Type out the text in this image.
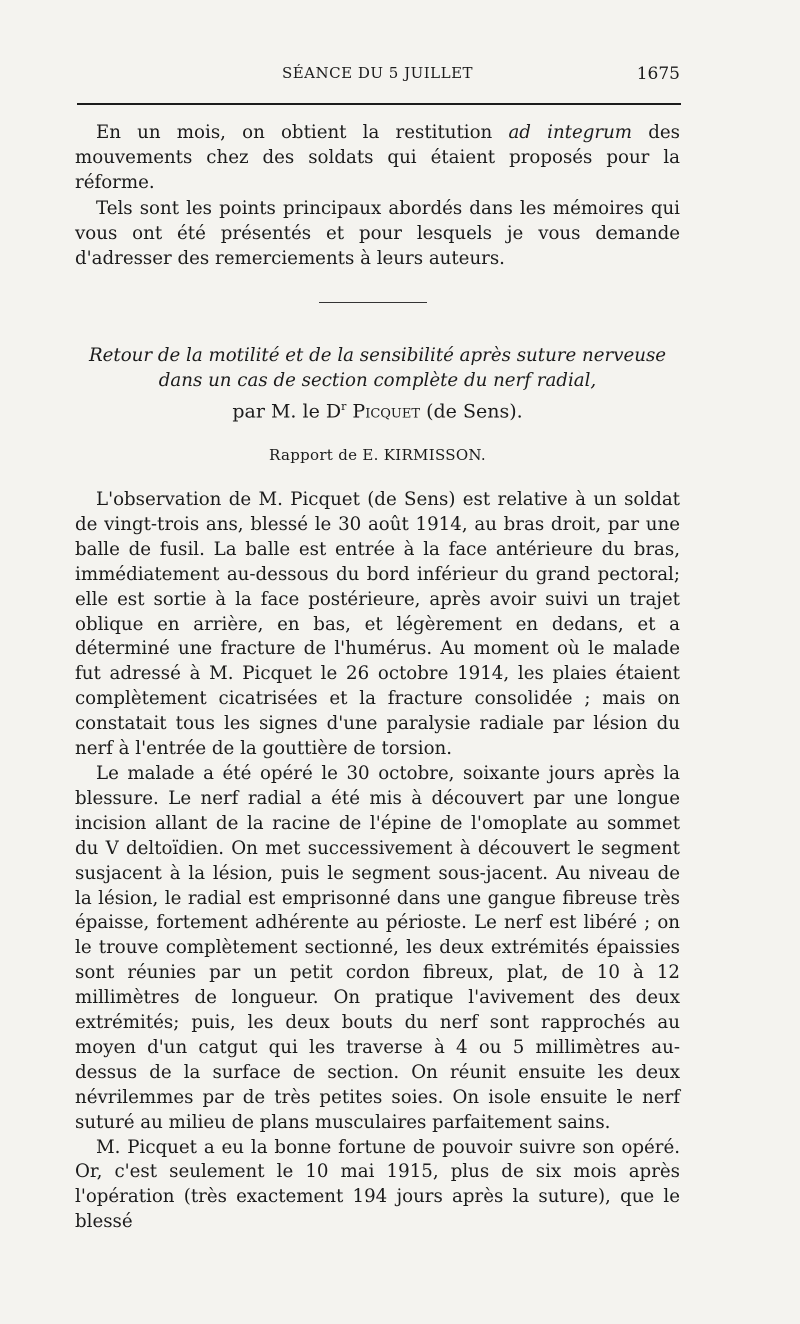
SÉANCE DU 5 JUILLET	1675

En un mois, on obtient la restitution ad integrum des mouvements chez des soldats qui étaient proposés pour la réforme.

Tels sont les points principaux abordés dans les mémoires qui vous ont été présentés et pour lesquels je vous demande d'adresser des remerciements à leurs auteurs.

Retour de la motilité et de la sensibilité après suture nerveuse
dans un cas de section complète du nerf radial,
par M. le $D^r$ Picquet (de Sens).
Rapport de E. KIRMISSON.

L'observation de M. Picquet (de Sens) est relative à un soldat de vingt-trois ans, blessé le 30 août 1914, au bras droit, par une balle de fusil. La balle est entrée à la face antérieure du bras, immédiatement au-dessous du bord inférieur du grand pectoral; elle est sortie à la face postérieure, après avoir suivi un trajet oblique en arrière, en bas, et légèrement en dedans, et a déterminé une fracture de l'humérus. Au moment où le malade fut adressé à M. Picquet le 26 octobre 1914, les plaies étaient complètement cicatrisées et la fracture consolidée ; mais on constatait tous les signes d'une paralysie radiale par lésion du nerf à l'entrée de la gouttière de torsion.

Le malade a été opéré le 30 octobre, soixante jours après la blessure. Le nerf radial a été mis à découvert par une longue incision allant de la racine de l'épine de l'omoplate au sommet du V deltoïdien. On met successivement à découvert le segment susjacent à la lésion, puis le segment sous-jacent. Au niveau de la lésion, le radial est emprisonné dans une gangue fibreuse très épaisse, fortement adhérente au périoste. Le nerf est libéré ; on le trouve complètement sectionné, les deux extrémités épaissies sont réunies par un petit cordon fibreux, plat, de 10 à 12 millimètres de longueur. On pratique l'avivement des deux extrémités; puis, les deux bouts du nerf sont rapprochés au moyen d'un catgut qui les traverse à 4 ou 5 millimètres au-dessus de la surface de section. On réunit ensuite les deux névrilemmes par de très petites soies. On isole ensuite le nerf suturé au milieu de plans musculaires parfaitement sains.

M. Picquet a eu la bonne fortune de pouvoir suivre son opéré. Or, c'est seulement le 10 mai 1915, plus de six mois après l'opération (très exactement 194 jours après la suture), que le blessé
